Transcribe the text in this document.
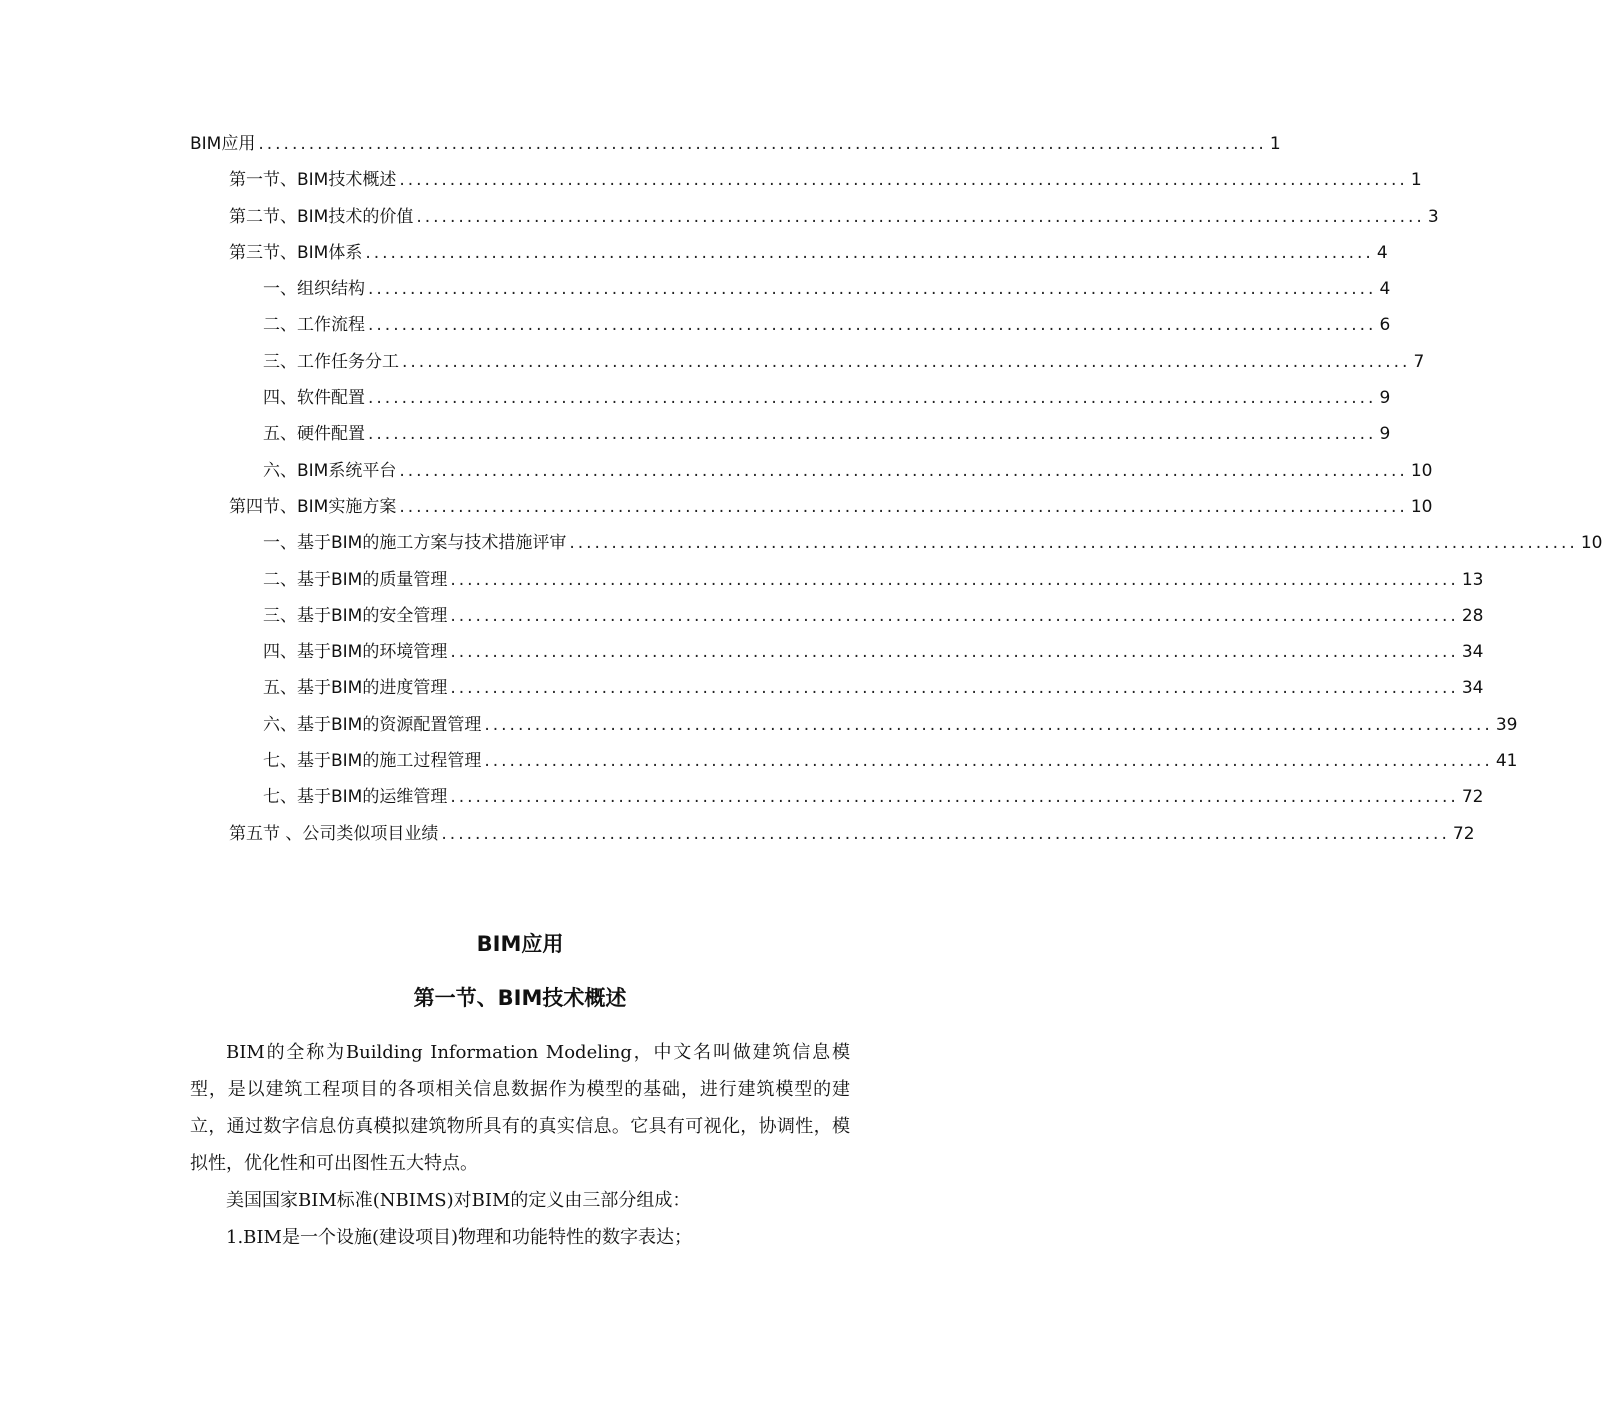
BIM应用 ........................................................................................................................ 1
第一节、BIM技术概述 ........................................................................................................................ 1
第二节、BIM技术的价值 ........................................................................................................................ 3
第三节、BIM体系 ........................................................................................................................ 4
一、组织结构 ........................................................................................................................ 4
二、工作流程 ........................................................................................................................ 6
三、工作任务分工 ........................................................................................................................ 7
四、软件配置 ........................................................................................................................ 9
五、硬件配置 ........................................................................................................................ 9
六、BIM系统平台 ........................................................................................................................ 10
第四节、BIM实施方案 ........................................................................................................................ 10
一、基于BIM的施工方案与技术措施评审 ........................................................................................................................ 10
二、基于BIM的质量管理 ........................................................................................................................ 13
三、基于BIM的安全管理 ........................................................................................................................ 28
四、基于BIM的环境管理 ........................................................................................................................ 34
五、基于BIM的进度管理 ........................................................................................................................ 34
六、基于BIM的资源配置管理 ........................................................................................................................ 39
七、基于BIM的施工过程管理 ........................................................................................................................ 41
七、基于BIM的运维管理 ........................................................................................................................ 72
第五节 、公司类似项目业绩 ........................................................................................................................ 72
BIM应用
第一节、BIM技术概述

BIM的全称为Building Information Modeling，中文名叫做建筑信息模型，是以建筑工程项目的各项相关信息数据作为模型的基础，进行建筑模型的建立，通过数字信息仿真模拟建筑物所具有的真实信息。它具有可视化，协调性，模拟性，优化性和可出图性五大特点。

美国国家BIM标准(NBIMS)对BIM的定义由三部分组成：

1.BIM是一个设施(建设项目)物理和功能特性的数字表达；
